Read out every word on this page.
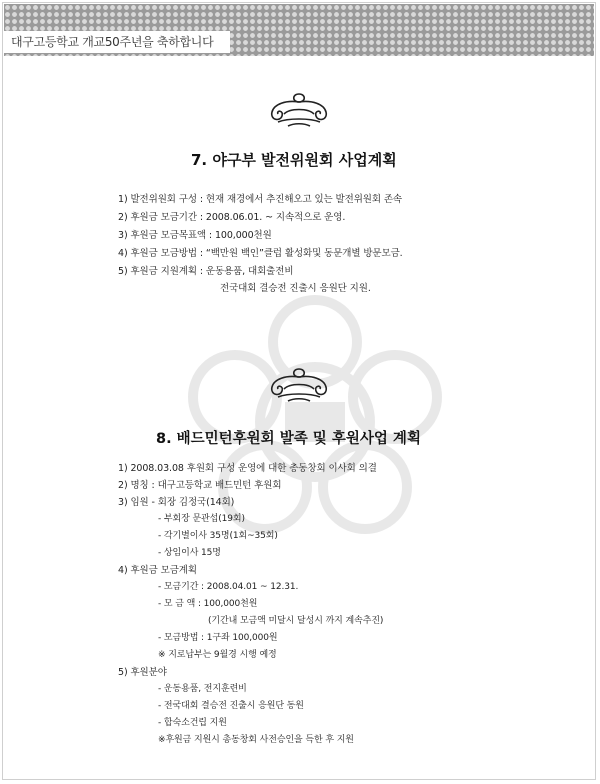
대구고등학교 개교50주년을 축하합니다
7. 야구부 발전위원회 사업계획
1) 발전위원회 구성 : 현재 재경에서 추진해오고 있는 발전위원회 존속
2) 후원금 모금기간 : 2008.06.01. ~ 지속적으로 운영.
3) 후원금 모금목표액 : 100,000천원
4) 후원금 모금방법 : “백만원 백인”클럽 활성화및 동문개별 방문모금.
5) 후원금 지원계획 : 운동용품, 대회출전비
전국대회 결승전 진출시 응원단 지원.
8. 배드민턴후원회 발족 및 후원사업 계획
1) 2008.03.08 후원회 구성 운영에 대한 총동창회 이사회 의결
2) 명칭 : 대구고등학교 배드민턴 후원회
3) 임원 - 회장 김정국(14회)
- 부회장 문관섭(19회)
- 각기별이사 35명(1회~35회)
- 상임이사 15명
4) 후원금 모금계획
- 모금기간 : 2008.04.01 ~ 12.31.
- 모 금 액 : 100,000천원
(기간내 모금액 미달시 달성시 까지 계속추진)
- 모금방법 : 1구좌 100,000원
※ 지로납부는 9월경 시행 예정
5) 후원분야
- 운동용품, 전지훈련비
- 전국대회 결승전 진출시 응원단 동원
- 합숙소건립 지원
※후원금 지원시 총동창회 사전승인을 득한 후 지원
